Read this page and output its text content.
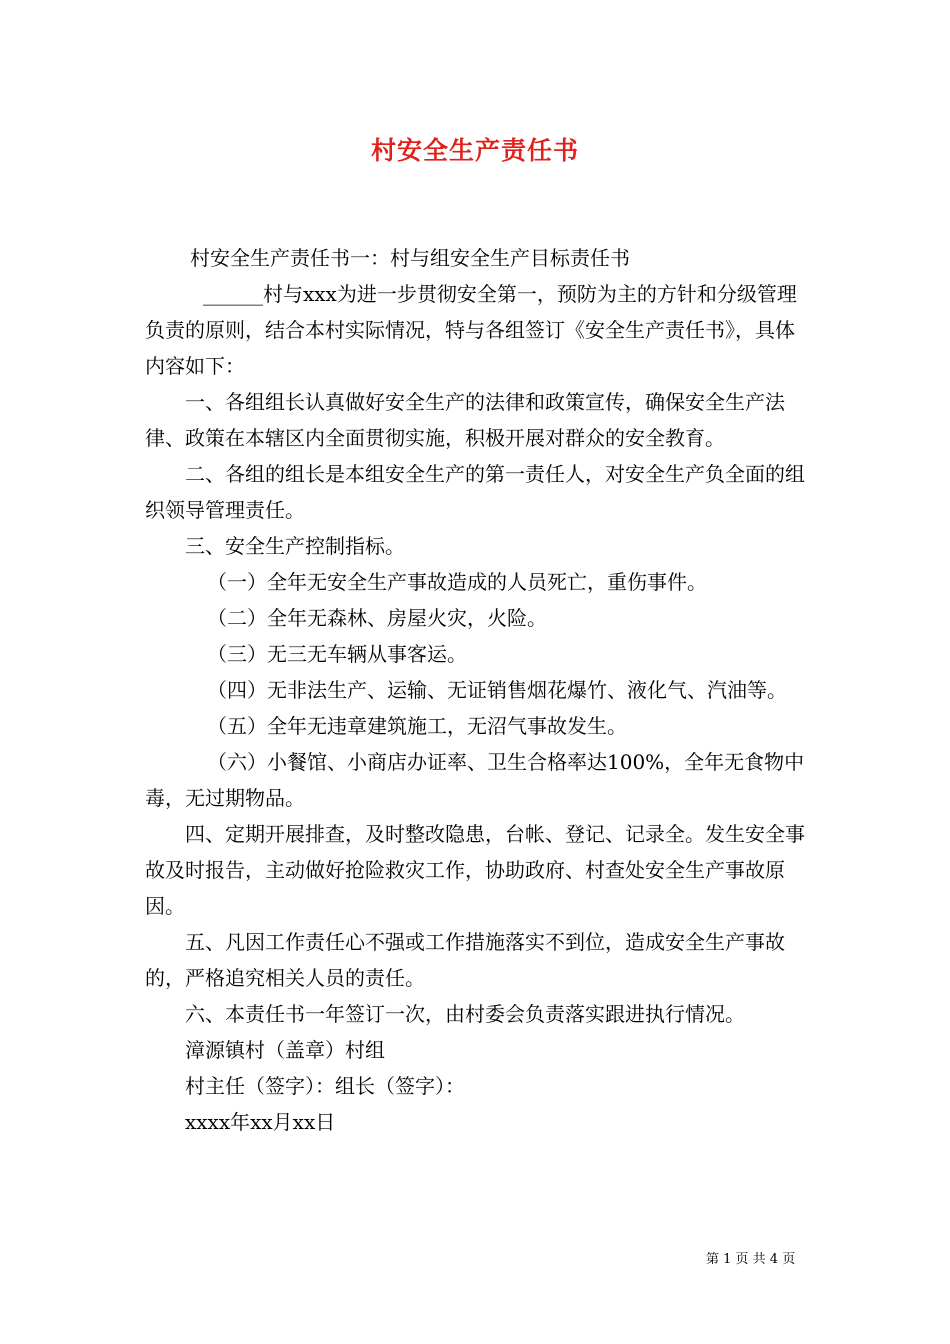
村安全生产责任书

村安全生产责任书一：村与组安全生产目标责任书

______村与xxx为进一步贯彻安全第一，预防为主的方针和分级管理负责的原则，结合本村实际情况，特与各组签订《安全生产责任书》，具体内容如下：

一、各组组长认真做好安全生产的法律和政策宣传，确保安全生产法律、政策在本辖区内全面贯彻实施，积极开展对群众的安全教育。

二、各组的组长是本组安全生产的第一责任人，对安全生产负全面的组织领导管理责任。

三、安全生产控制指标。

（一）全年无安全生产事故造成的人员死亡，重伤事件。

（二）全年无森林、房屋火灾，火险。

（三）无三无车辆从事客运。

（四）无非法生产、运输、无证销售烟花爆竹、液化气、汽油等。

（五）全年无违章建筑施工，无沼气事故发生。

（六）小餐馆、小商店办证率、卫生合格率达100%，全年无食物中毒，无过期物品。

四、定期开展排查，及时整改隐患，台帐、登记、记录全。发生安全事故及时报告，主动做好抢险救灾工作，协助政府、村查处安全生产事故原因。

五、凡因工作责任心不强或工作措施落实不到位，造成安全生产事故的，严格追究相关人员的责任。

六、本责任书一年签订一次，由村委会负责落实跟进执行情况。

漳源镇村（盖章）村组

村主任（签字）：组长（签字）：

xxxx年xx月xx日

第 1 页 共 4 页
